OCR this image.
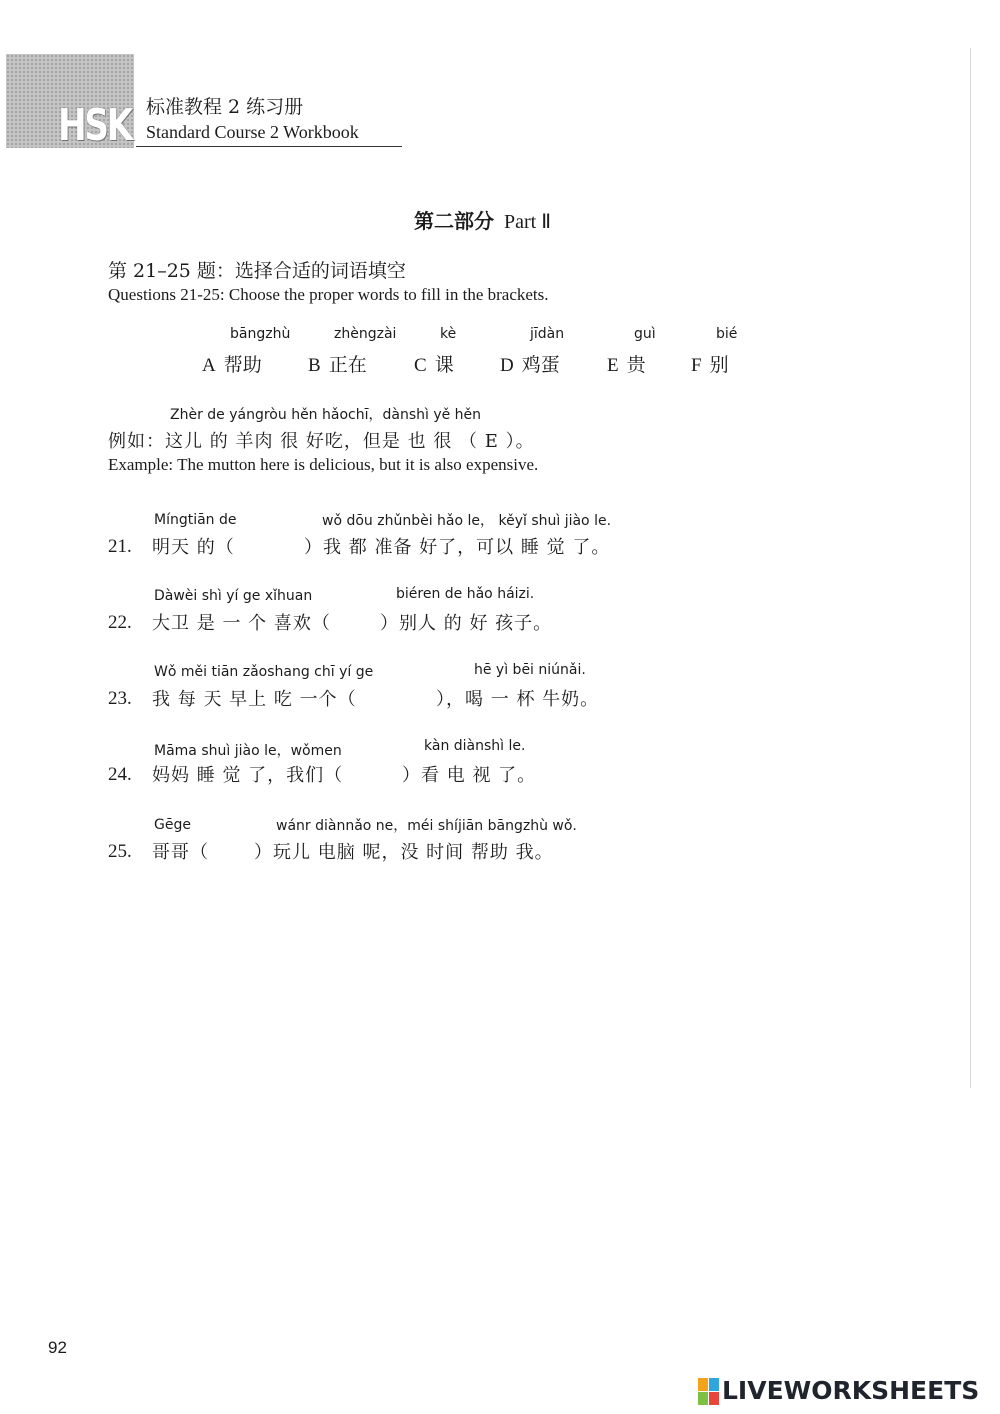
HSK 标准教程 2 练习册
Standard Course 2 Workbook
第二部分 Part Ⅱ
第 21–25 题：选择合适的词语填空
Questions 21-25: Choose the proper words to fill in the brackets.
bāngzhù
A 帮助
zhèngzài
B 正在
kè
C 课
jīdàn
D 鸡蛋
guì
E 贵
bié
F 别
Zhèr de yángròu hěn hǎochī，dànshì yě hěn
例如：这儿 的 羊肉 很 好吃，但是 也 很 （ E ）。
Example: The mutton here is delicious, but it is also expensive.
Míngtiān de	wǒ dōu zhǔnbèi hǎo le， kěyǐ shuì jiào le.
21. 明天 的（	）我 都 准备 好了，可以 睡 觉 了。
Dàwèi shì yí ge xǐhuan	biéren de hǎo háizi.
22. 大卫 是 一 个 喜欢（	）别人 的 好 孩子。
Wǒ měi tiān zǎoshang chī yí ge	hē yì bēi niúnǎi.
23. 我 每 天 早上 吃 一个（	），喝 一 杯 牛奶。
Māma shuì jiào le，wǒmen	kàn diànshì le.
24. 妈妈 睡 觉 了，我们（	）看 电 视 了。
Gēge	wánr diànnǎo ne，méi shíjiān bāngzhù wǒ.
25. 哥哥（	）玩儿 电脑 呢，没 时间 帮助 我。
92
LIVEWORKSHEETS
